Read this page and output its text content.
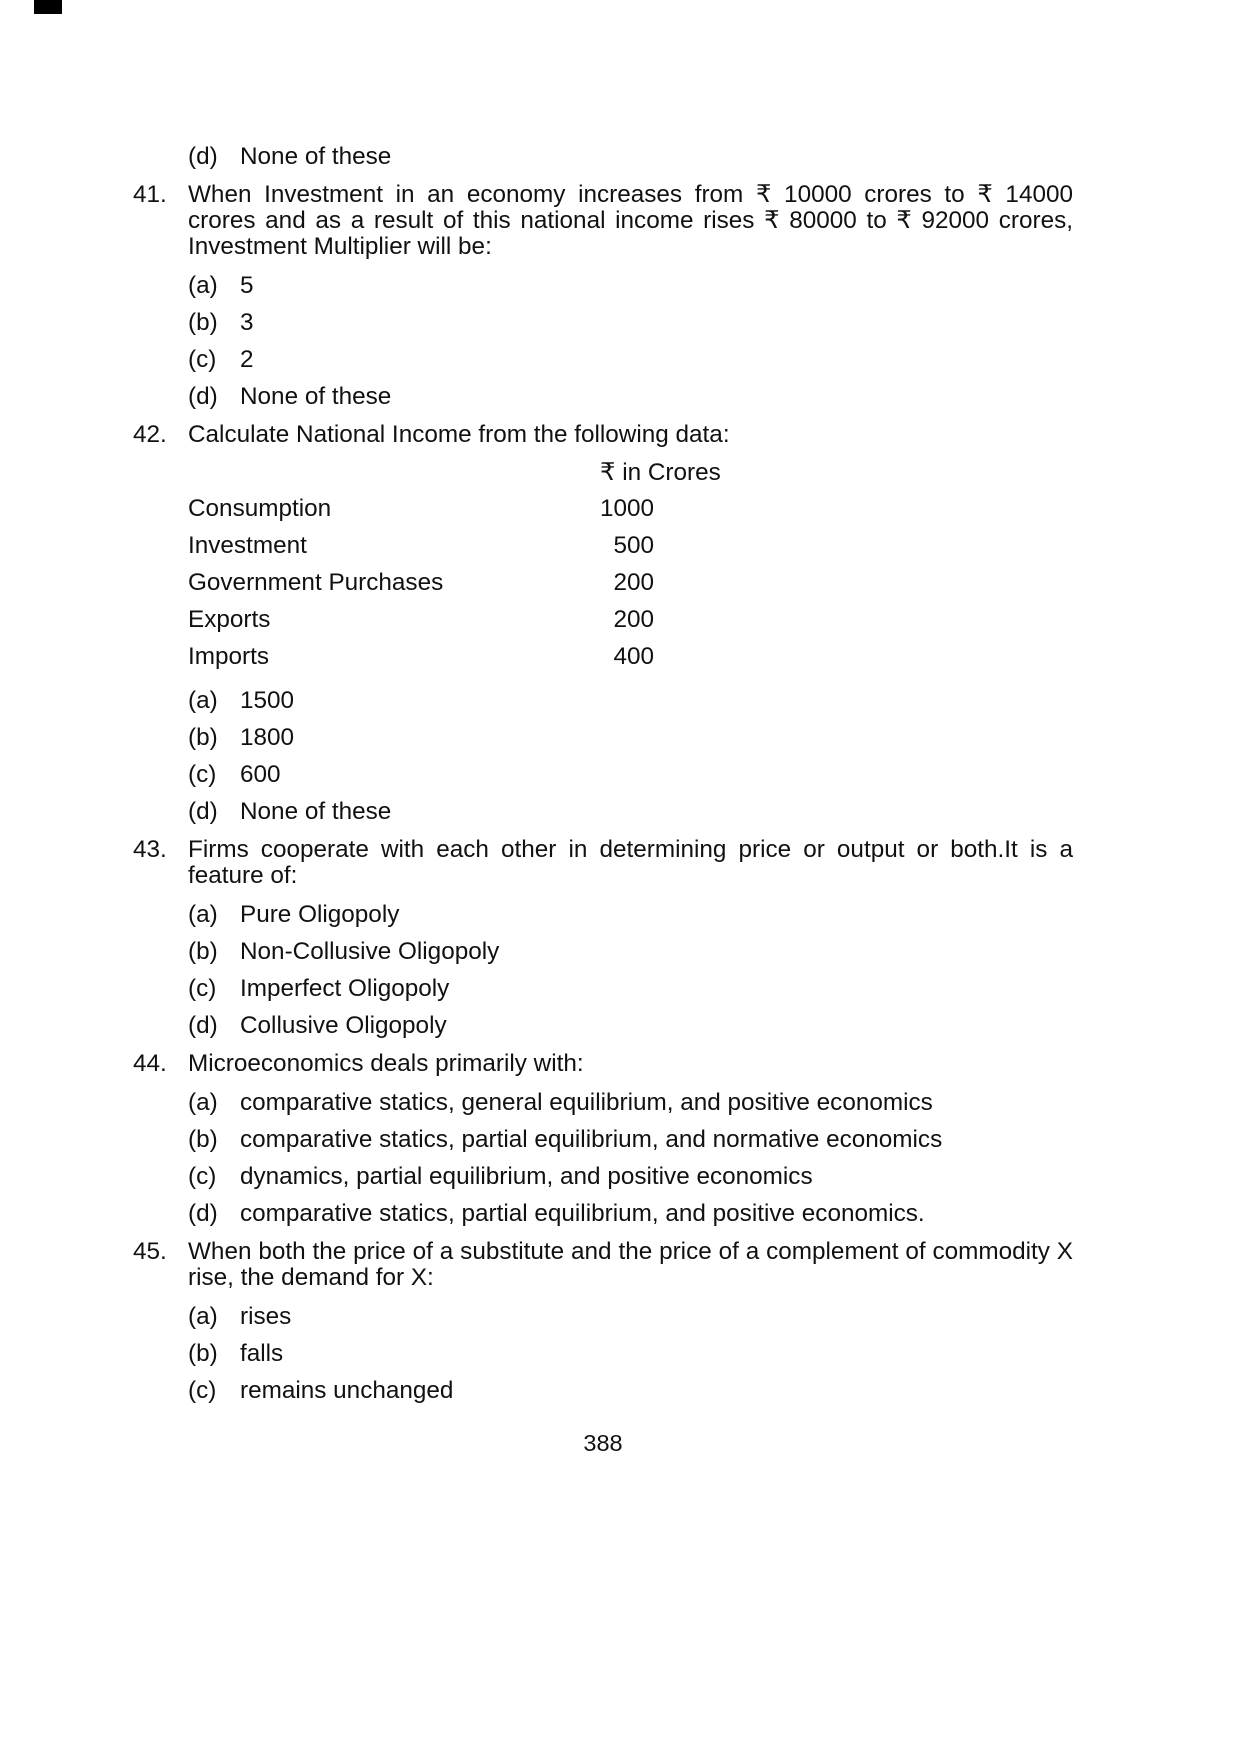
(d) None of these
41. When Investment in an economy increases from ₹ 10000 crores to ₹ 14000 crores and as a result of this national income rises ₹ 80000 to ₹ 92000 crores, Investment Multiplier will be:
(a) 5
(b) 3
(c) 2
(d) None of these
42. Calculate National Income from the following data:
₹ in Crores
Consumption	1000
Investment	500
Government Purchases	200
Exports	200
Imports	400
(a) 1500
(b) 1800
(c) 600
(d) None of these
43. Firms cooperate with each other in determining price or output or both.It is a feature of:
(a) Pure Oligopoly
(b) Non-Collusive Oligopoly
(c) Imperfect Oligopoly
(d) Collusive Oligopoly
44. Microeconomics deals primarily with:
(a) comparative statics, general equilibrium, and positive economics
(b) comparative statics, partial equilibrium, and normative economics
(c) dynamics, partial equilibrium, and positive economics
(d) comparative statics, partial equilibrium, and positive economics.
45. When both the price of a substitute and the price of a complement of commodity X rise, the demand for X:
(a) rises
(b) falls
(c) remains unchanged
388
